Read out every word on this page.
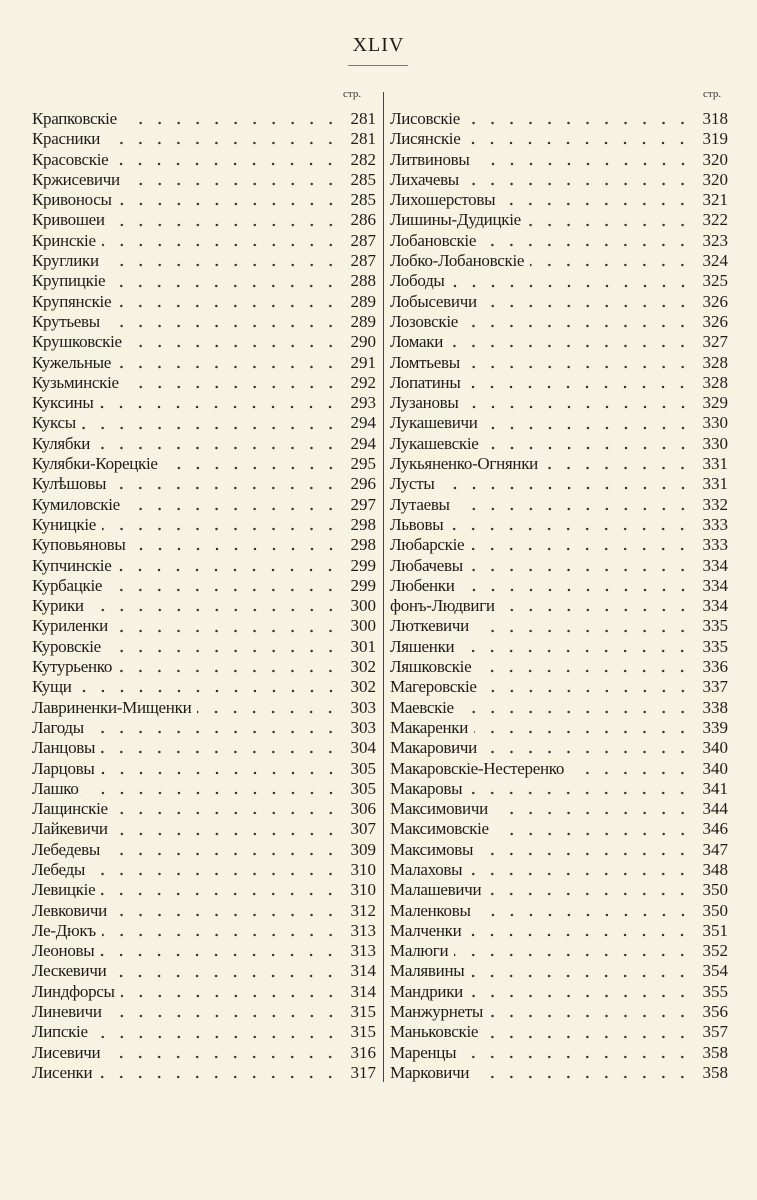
XLIV
стр.	стр.
Крапковскіе	281
Красники	281
Красовскіе	282
Кржисевичи	285
Кривоносы	285
Кривошеи	286
Кринскіе	287
Круглики	287
Крупицкіе	288
Крупянскіе	289
Крутьевы	289
Крушковскіе	290
Кужельные	291
Кузьминскіе	292
Куксины	293
Куксы	294
Кулябки	294
Кулябки-Корецкіе	295
Кулѣшовы	296
Кумиловскіе	297
Куницкіе	298
Куповьяновы	298
Купчинскіе	299
Курбацкіе	299
Курики	300
Куриленки	300
Куровскіе	301
Кутурьенко	302
Кущи	302
Лавриненки-Мищенки	303
Лагоды	303
Ланцовы	304
Ларцовы	305
Лашко	305
Лащинскіе	306
Лайкевичи	307
Лебедевы	309
Лебеды	310
Левицкіе	310
Левковичи	312
Ле-Дюкъ	313
Леоновы	313
Лескевичи	314
Линдфорсы	314
Линевичи	315
Липскіе	315
Лисевичи	316
Лисенки	317
Лисовскіе	318
Лисянскіе	319
Литвиновы	320
Лихачевы	320
Лихошерстовы	321
Лишины-Дудицкіе	322
Лобановскіе	323
Лобко-Лобановскіе	324
Лободы	325
Лобысевичи	326
Лозовскіе	326
Ломаки	327
Ломтьевы	328
Лопатины	328
Лузановы	329
Лукашевичи	330
Лукашевскіе	330
Лукьяненко-Огнянки	331
Лусты	331
Лутаевы	332
Львовы	333
Любарскіе	333
Любачевы	334
Любенки	334
фонъ-Людвиги	334
Люткевичи	335
Ляшенки	335
Ляшковскіе	336
Магеровскіе	337
Маевскіе	338
Макаренки	339
Макаровичи	340
Макаровскіе-Нестеренко	340
Макаровы	341
Максимовичи	344
Максимовскіе	346
Максимовы	347
Малаховы	348
Малашевичи	350
Маленковы	350
Малченки	351
Малюги	352
Малявины	354
Мандрики	355
Манжурнеты	356
Маньковскіе	357
Маренцы	358
Марковичи	358
